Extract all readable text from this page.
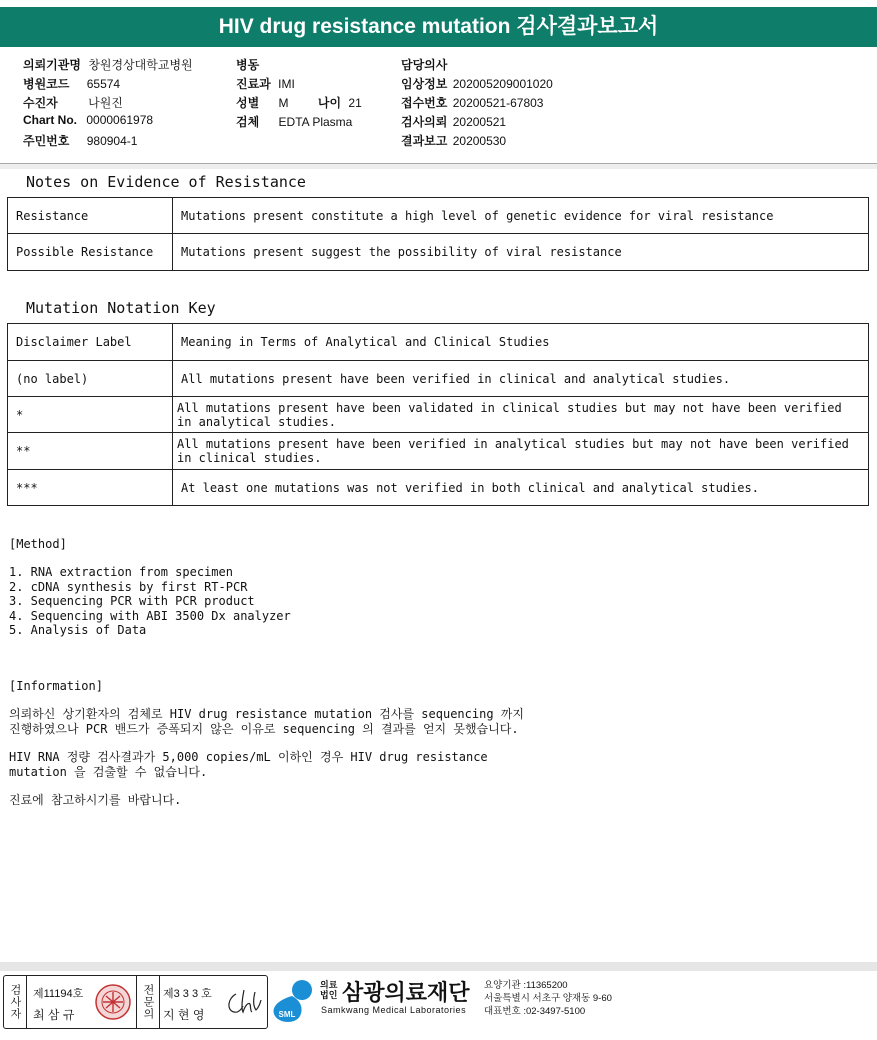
HIV drug resistance mutation 검사결과보고서
의뢰기관명 창원경상대학교병원
병원코드 65574
수진자	나원진
Chart No. 0000061978
주민번호 980904-1
병동
진료과 IMI
성별 M 나이 21
검체 EDTA Plasma
담당의사
임상정보 202005209001020
접수번호 20200521-67803
검사의뢰 20200521
결과보고 20200530
Notes on Evidence of Resistance
Resistance	Mutations present constitute a high level of genetic evidence for viral resistance
Possible Resistance	Mutations present suggest the possibility of viral resistance
Mutation Notation Key
Disclaimer Label	Meaning in Terms of Analytical and Clinical Studies
(no label)	All mutations present have been verified in clinical and analytical studies.
*	All mutations present have been validated in clinical studies but may not have been verified in analytical studies.
**	All mutations present have been verified in analytical studies but may not have been verified in clinical studies.
***	At least one mutations was not verified in both clinical and analytical studies.
[Method]
1. RNA extraction from specimen
2. cDNA synthesis by first RT-PCR
3. Sequencing PCR with PCR product
4. Sequencing with ABI 3500 Dx analyzer
5. Analysis of Data
[Information]
의뢰하신 상기환자의 검체로 HIV drug resistance mutation 검사를 sequencing 까지
진행하였으나 PCR 밴드가 증폭되지 않은 이유로 sequencing 의 결과를 얻지 못했습니다.
HIV RNA 정량 검사결과가 5,000 copies/mL 이하인 경우 HIV drug resistance
mutation 을 검출할 수 없습니다.
진료에 참고하시기를 바랍니다.
검사자 제11194호
최 삼 규	전문의 제3 3 3 호
지 현 영	SML
의료
법인 삼광의료재단
Samkwang Medical Laboratories
요양기관 :11365200
서울특별시 서초구 양재동 9-60
대표번호 :02-3497-5100
